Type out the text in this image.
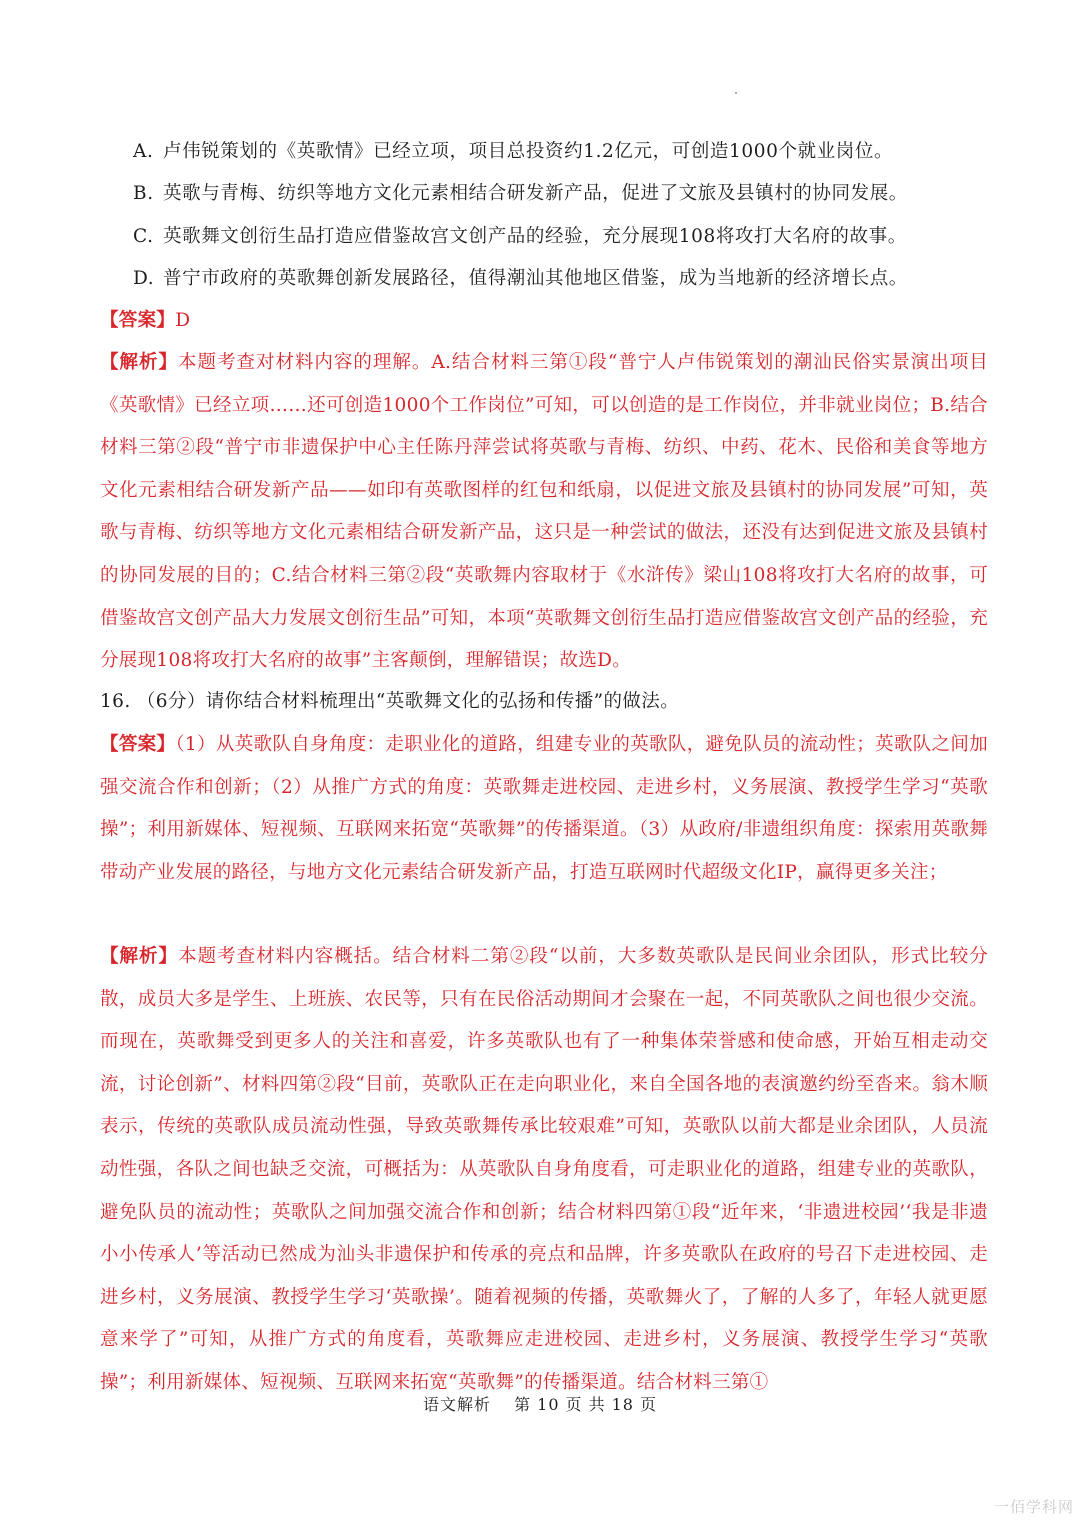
A. 卢伟锐策划的《英歌情》已经立项，项目总投资约1.2亿元，可创造1000个就业岗位。
B. 英歌与青梅、纺织等地方文化元素相结合研发新产品，促进了文旅及县镇村的协同发展。
C. 英歌舞文创衍生品打造应借鉴故宫文创产品的经验，充分展现108将攻打大名府的故事。
D. 普宁市政府的英歌舞创新发展路径，值得潮汕其他地区借鉴，成为当地新的经济增长点。

【答案】D

【解析】本题考查对材料内容的理解。A.结合材料三第①段“普宁人卢伟锐策划的潮汕民俗实景演出项目《英歌情》已经立项……还可创造1000个工作岗位”可知，可以创造的是工作岗位，并非就业岗位；B.结合材料三第②段“普宁市非遗保护中心主任陈丹萍尝试将英歌与青梅、纺织、中药、花木、民俗和美食等地方文化元素相结合研发新产品——如印有英歌图样的红包和纸扇，以促进文旅及县镇村的协同发展”可知，英歌与青梅、纺织等地方文化元素相结合研发新产品，这只是一种尝试的做法，还没有达到促进文旅及县镇村的协同发展的目的；C.结合材料三第②段“英歌舞内容取材于《水浒传》梁山108将攻打大名府的故事，可借鉴故宫文创产品大力发展文创衍生品”可知，本项“英歌舞文创衍生品打造应借鉴故宫文创产品的经验，充分展现108将攻打大名府的故事”主客颠倒，理解错误；故选D。

16. （6分）请你结合材料梳理出“英歌舞文化的弘扬和传播”的做法。

【答案】（1）从英歌队自身角度：走职业化的道路，组建专业的英歌队，避免队员的流动性；英歌队之间加强交流合作和创新；（2）从推广方式的角度：英歌舞走进校园、走进乡村，义务展演、教授学生学习“英歌操”；利用新媒体、短视频、互联网来拓宽“英歌舞”的传播渠道。（3）从政府/非遗组织角度：探索用英歌舞带动产业发展的路径，与地方文化元素结合研发新产品，打造互联网时代超级文化IP，赢得更多关注；

【解析】本题考查材料内容概括。结合材料二第②段“以前，大多数英歌队是民间业余团队，形式比较分散，成员大多是学生、上班族、农民等，只有在民俗活动期间才会聚在一起，不同英歌队之间也很少交流。而现在，英歌舞受到更多人的关注和喜爱，许多英歌队也有了一种集体荣誉感和使命感，开始互相走动交流，讨论创新”、材料四第②段“目前，英歌队正在走向职业化，来自全国各地的表演邀约纷至沓来。翁木顺表示，传统的英歌队成员流动性强，导致英歌舞传承比较艰难”可知，英歌队以前大都是业余团队，人员流动性强，各队之间也缺乏交流，可概括为：从英歌队自身角度看，可走职业化的道路，组建专业的英歌队，避免队员的流动性；英歌队之间加强交流合作和创新；结合材料四第①段“近年来，‘非遗进校园’‘我是非遗小小传承人’等活动已然成为汕头非遗保护和传承的亮点和品牌，许多英歌队在政府的号召下走进校园、走进乡村，义务展演、教授学生学习‘英歌操’。随着视频的传播，英歌舞火了，了解的人多了，年轻人就更愿意来学了”可知，从推广方式的角度看，英歌舞应走进校园、走进乡村，义务展演、教授学生学习“英歌操”；利用新媒体、短视频、互联网来拓宽“英歌舞”的传播渠道。结合材料三第①

语文解析 第 10 页 共 18 页
一佰学科网
